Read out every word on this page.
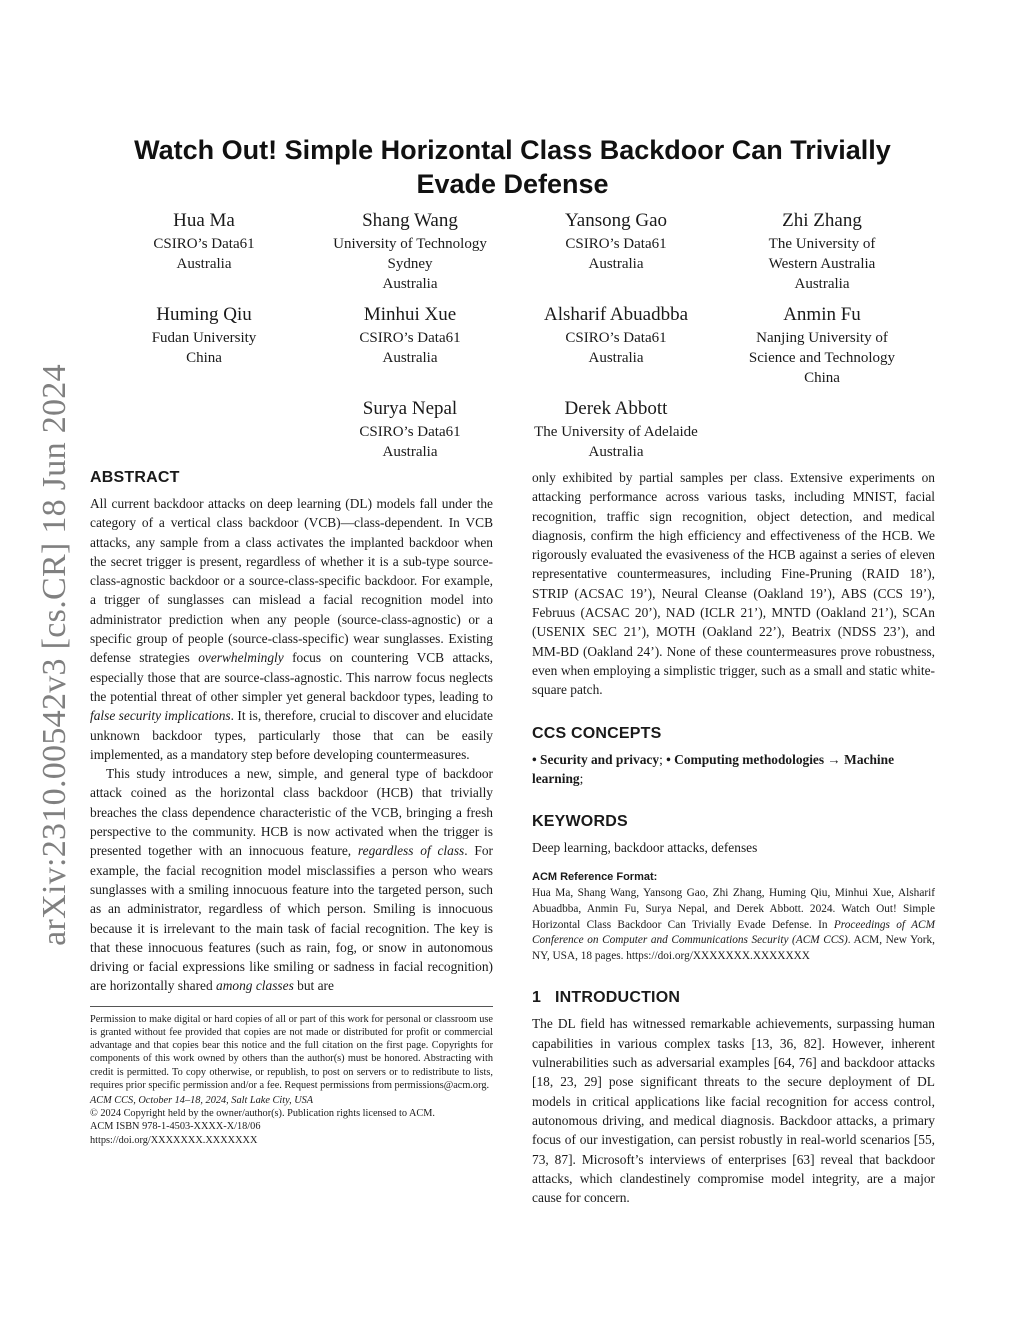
arXiv:2310.00542v3 [cs.CR] 18 Jun 2024
Watch Out! Simple Horizontal Class Backdoor Can Trivially Evade Defense
Hua Ma
CSIRO’s Data61
Australia
Shang Wang
University of Technology
Sydney
Australia
Yansong Gao
CSIRO’s Data61
Australia
Zhi Zhang
The University of
Western Australia
Australia
Huming Qiu
Fudan University
China
Minhui Xue
CSIRO’s Data61
Australia
Alsharif Abuadbba
CSIRO’s Data61
Australia
Anmin Fu
Nanjing University of
Science and Technology
China
Surya Nepal
CSIRO’s Data61
Australia
Derek Abbott
The University of Adelaide
Australia
ABSTRACT

All current backdoor attacks on deep learning (DL) models fall under the category of a vertical class backdoor (VCB)—class-dependent. In VCB attacks, any sample from a class activates the implanted backdoor when the secret trigger is present, regardless of whether it is a sub-type source-class-agnostic backdoor or a source-class-specific backdoor. For example, a trigger of sunglasses can mislead a facial recognition model into administrator prediction when any people (source-class-agnostic) or a specific group of people (source-class-specific) wear sunglasses. Existing defense strategies overwhelmingly focus on countering VCB attacks, especially those that are source-class-agnostic. This narrow focus neglects the potential threat of other simpler yet general backdoor types, leading to false security implications. It is, therefore, crucial to discover and elucidate unknown backdoor types, particularly those that can be easily implemented, as a mandatory step before developing countermeasures.

This study introduces a new, simple, and general type of backdoor attack coined as the horizontal class backdoor (HCB) that trivially breaches the class dependence characteristic of the VCB, bringing a fresh perspective to the community. HCB is now activated when the trigger is presented together with an innocuous feature, regardless of class. For example, the facial recognition model misclassifies a person who wears sunglasses with a smiling innocuous feature into the targeted person, such as an administrator, regardless of which person. Smiling is innocuous because it is irrelevant to the main task of facial recognition. The key is that these innocuous features (such as rain, fog, or snow in autonomous driving or facial expressions like smiling or sadness in facial recognition) are horizontally shared among classes but are

Permission to make digital or hard copies of all or part of this work for personal or classroom use is granted without fee provided that copies are not made or distributed for profit or commercial advantage and that copies bear this notice and the full citation on the first page. Copyrights for components of this work owned by others than the author(s) must be honored. Abstracting with credit is permitted. To copy otherwise, or republish, to post on servers or to redistribute to lists, requires prior specific permission and/or a fee. Request permissions from permissions@acm.org.

ACM CCS, October 14–18, 2024, Salt Lake City, USA

© 2024 Copyright held by the owner/author(s). Publication rights licensed to ACM.

ACM ISBN 978-1-4503-XXXX-X/18/06

https://doi.org/XXXXXXX.XXXXXXX

only exhibited by partial samples per class. Extensive experiments on attacking performance across various tasks, including MNIST, facial recognition, traffic sign recognition, object detection, and medical diagnosis, confirm the high efficiency and effectiveness of the HCB. We rigorously evaluated the evasiveness of the HCB against a series of eleven representative countermeasures, including Fine-Pruning (RAID 18’), STRIP (ACSAC 19’), Neural Cleanse (Oakland 19’), ABS (CCS 19’), Februus (ACSAC 20’), NAD (ICLR 21’), MNTD (Oakland 21’), SCAn (USENIX SEC 21’), MOTH (Oakland 22’), Beatrix (NDSS 23’), and MM-BD (Oakland 24’). None of these countermeasures prove robustness, even when employing a simplistic trigger, such as a small and static white-square patch.

CCS CONCEPTS

• Security and privacy; • Computing methodologies → Machine learning;

KEYWORDS

Deep learning, backdoor attacks, defenses

ACM Reference Format:

Hua Ma, Shang Wang, Yansong Gao, Zhi Zhang, Huming Qiu, Minhui Xue, Alsharif Abuadbba, Anmin Fu, Surya Nepal, and Derek Abbott. 2024. Watch Out! Simple Horizontal Class Backdoor Can Trivially Evade Defense. In Proceedings of ACM Conference on Computer and Communications Security (ACM CCS). ACM, New York, NY, USA, 18 pages. https://doi.org/XXXXXXX.XXXXXXX

1   INTRODUCTION

The DL field has witnessed remarkable achievements, surpassing human capabilities in various complex tasks [13, 36, 82]. However, inherent vulnerabilities such as adversarial examples [64, 76] and backdoor attacks [18, 23, 29] pose significant threats to the secure deployment of DL models in critical applications like facial recognition for access control, autonomous driving, and medical diagnosis. Backdoor attacks, a primary focus of our investigation, can persist robustly in real-world scenarios [55, 73, 87]. Microsoft’s interviews of enterprises [63] reveal that backdoor attacks, which clandestinely compromise model integrity, are a major cause for concern.
